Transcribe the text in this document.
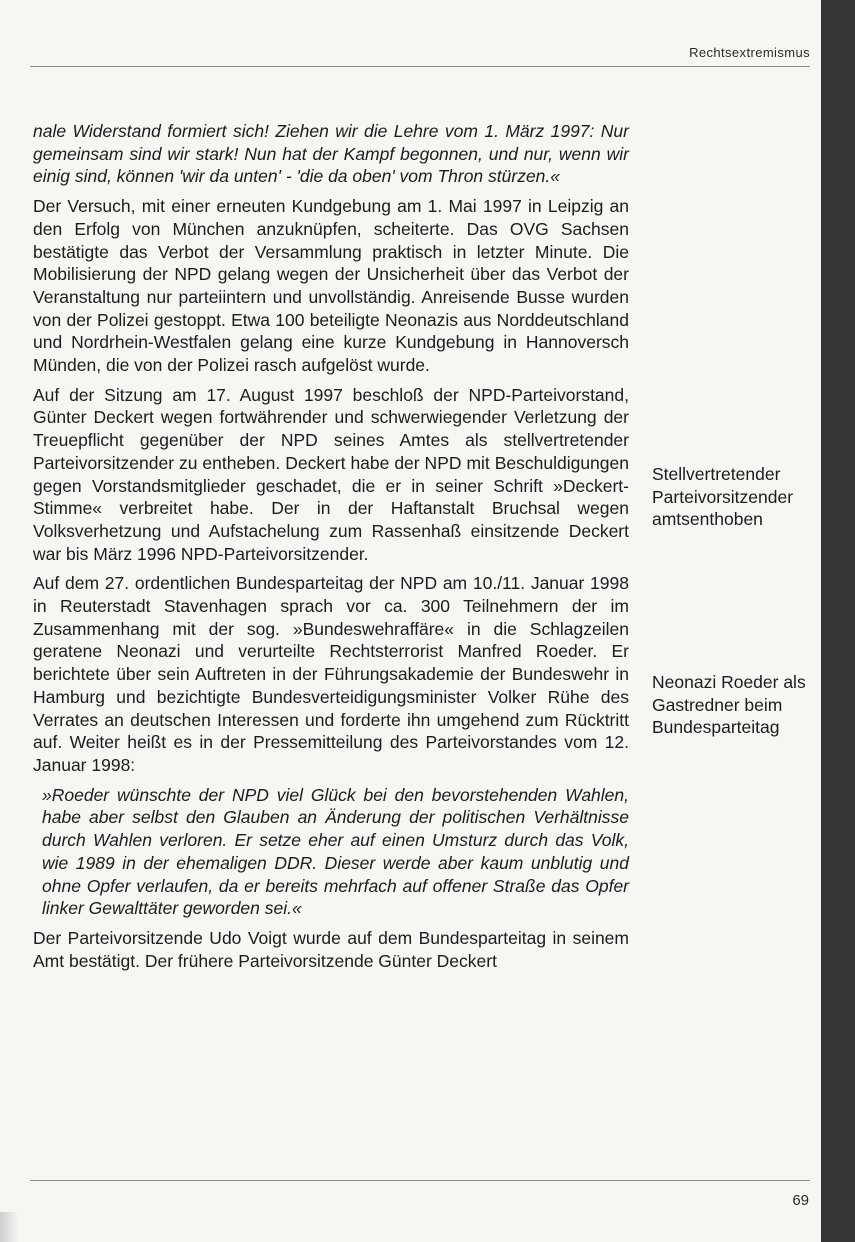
Rechtsextremismus

nale Widerstand formiert sich! Ziehen wir die Lehre vom 1. März 1997: Nur gemeinsam sind wir stark! Nun hat der Kampf begonnen, und nur, wenn wir einig sind, können 'wir da unten' - 'die da oben' vom Thron stürzen.«

Der Versuch, mit einer erneuten Kundgebung am 1. Mai 1997 in Leipzig an den Erfolg von München anzuknüpfen, scheiterte. Das OVG Sachsen bestätigte das Verbot der Versammlung praktisch in letzter Minute. Die Mobilisierung der NPD gelang wegen der Unsicherheit über das Verbot der Veranstaltung nur parteiintern und unvollständig. Anreisende Busse wurden von der Polizei gestoppt. Etwa 100 beteiligte Neonazis aus Norddeutschland und Nordrhein-Westfalen gelang eine kurze Kundgebung in Hannoversch Münden, die von der Polizei rasch aufgelöst wurde.

Auf der Sitzung am 17. August 1997 beschloß der NPD-Parteivorstand, Günter Deckert wegen fortwährender und schwerwiegender Verletzung der Treuepflicht gegenüber der NPD seines Amtes als stellvertretender Parteivorsitzender zu entheben. Deckert habe der NPD mit Beschuldigungen gegen Vorstandsmitglieder geschadet, die er in seiner Schrift »Deckert-Stimme« verbreitet habe. Der in der Haftanstalt Bruchsal wegen Volksverhetzung und Aufstachelung zum Rassenhaß einsitzende Deckert war bis März 1996 NPD-Parteivorsitzender.

Auf dem 27. ordentlichen Bundesparteitag der NPD am 10./11. Januar 1998 in Reuterstadt Stavenhagen sprach vor ca. 300 Teilnehmern der im Zusammenhang mit der sog. »Bundeswehraffäre« in die Schlagzeilen geratene Neonazi und verurteilte Rechtsterrorist Manfred Roeder. Er berichtete über sein Auftreten in der Führungsakademie der Bundeswehr in Hamburg und bezichtigte Bundesverteidigungsminister Volker Rühe des Verrates an deutschen Interessen und forderte ihn umgehend zum Rücktritt auf. Weiter heißt es in der Pressemitteilung des Parteivorstandes vom 12. Januar 1998:

»Roeder wünschte der NPD viel Glück bei den bevorstehenden Wahlen, habe aber selbst den Glauben an Änderung der politischen Verhältnisse durch Wahlen verloren. Er setze eher auf einen Umsturz durch das Volk, wie 1989 in der ehemaligen DDR. Dieser werde aber kaum unblutig und ohne Opfer verlaufen, da er bereits mehrfach auf offener Straße das Opfer linker Gewalttäter geworden sei.«

Der Parteivorsitzende Udo Voigt wurde auf dem Bundesparteitag in seinem Amt bestätigt. Der frühere Parteivorsitzende Günter Deckert

Stellvertretender Parteivorsitzender amtsenthoben
Neonazi Roeder als Gastredner beim Bundesparteitag
69
